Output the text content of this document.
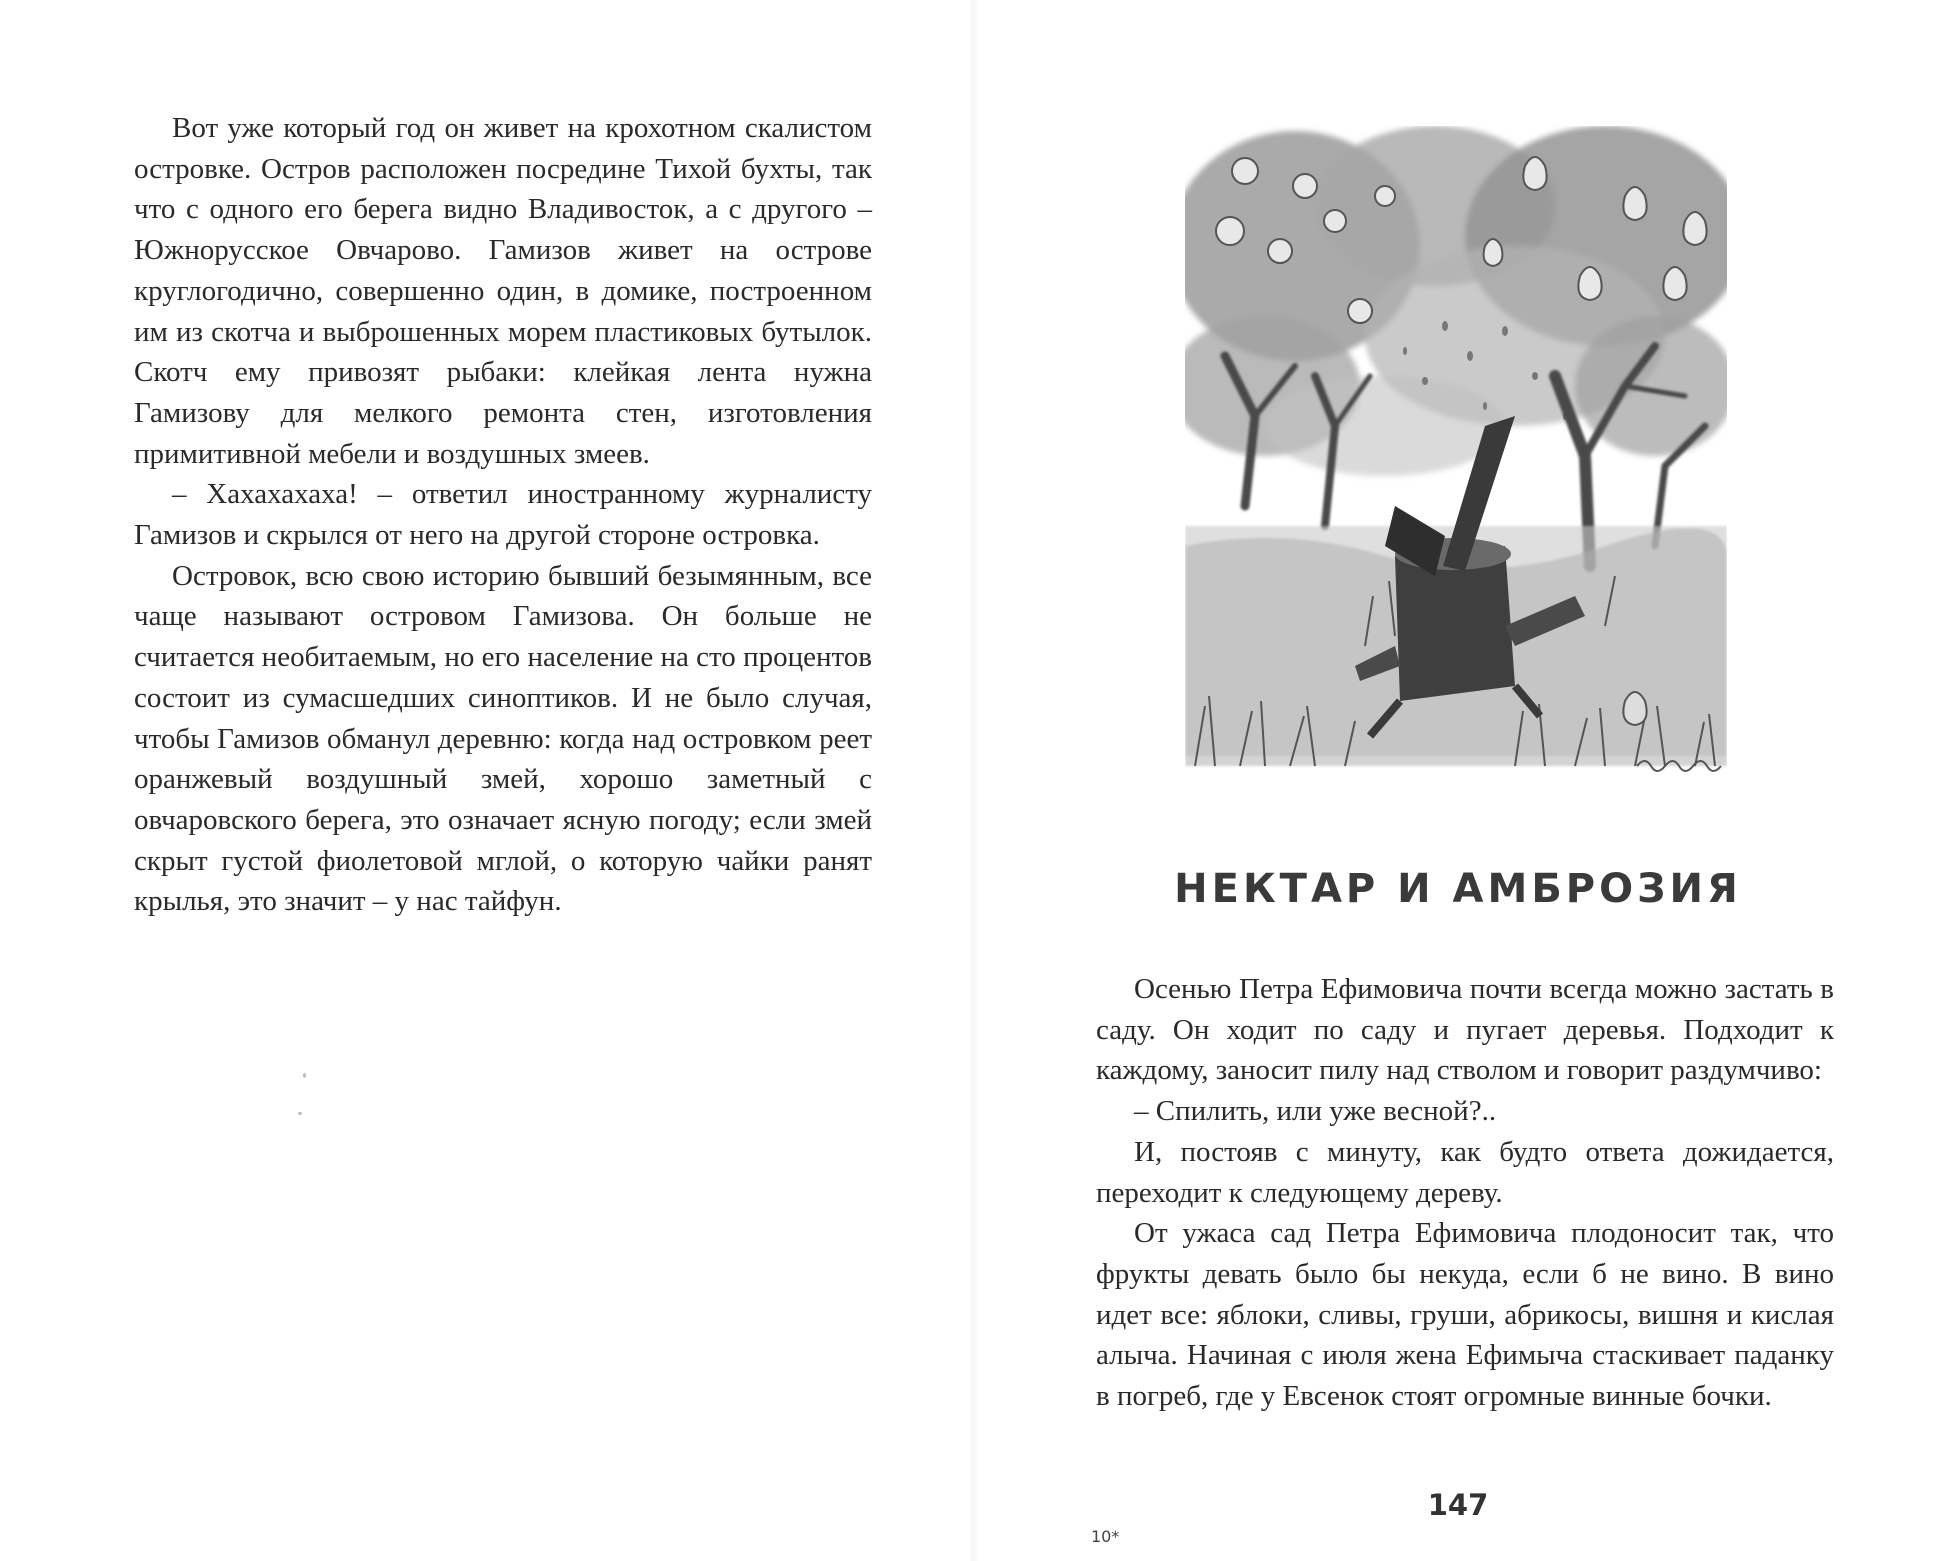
Вот уже который год он живет на крохотном скалистом островке. Остров расположен посредине Тихой бухты, так что с одного его берега видно Владивосток, а с другого – Южнорусское Овчарово. Гамизов живет на острове круглогодично, совершенно один, в домике, построенном им из скотча и выброшенных морем пластиковых бутылок. Скотч ему привозят рыбаки: клейкая лента нужна Гамизову для мелкого ремонта стен, изготовления примитивной мебели и воздушных змеев.

– Хахахахаха! – ответил иностранному журналисту Гамизов и скрылся от него на другой стороне островка.

Островок, всю свою историю бывший безымянным, все чаще называют островом Гамизова. Он больше не считается необитаемым, но его население на сто процентов состоит из сумасшедших синоптиков. И не было случая, чтобы Гамизов обманул деревню: когда над островком реет оранжевый воздушный змей, хорошо заметный с овчаровского берега, это означает ясную погоду; если змей скрыт густой фиолетовой мглой, о которую чайки ранят крылья, это значит – у нас тайфун.	НЕКТАР И АМБРОЗИЯ

Осенью Петра Ефимовича почти всегда можно застать в саду. Он ходит по саду и пугает деревья. Подходит к каждому, заносит пилу над стволом и говорит раздумчиво:

– Спилить, или уже весной?..

И, постояв с минуту, как будто ответа дожидается, переходит к следующему дереву.

От ужаса сад Петра Ефимовича плодоносит так, что фрукты девать было бы некуда, если б не вино. В вино идет все: яблоки, сливы, груши, абрикосы, вишня и кислая алыча. Начиная с июля жена Ефимыча стаскивает паданку в погреб, где у Евсенок стоят огромные винные бочки.

147
10*
